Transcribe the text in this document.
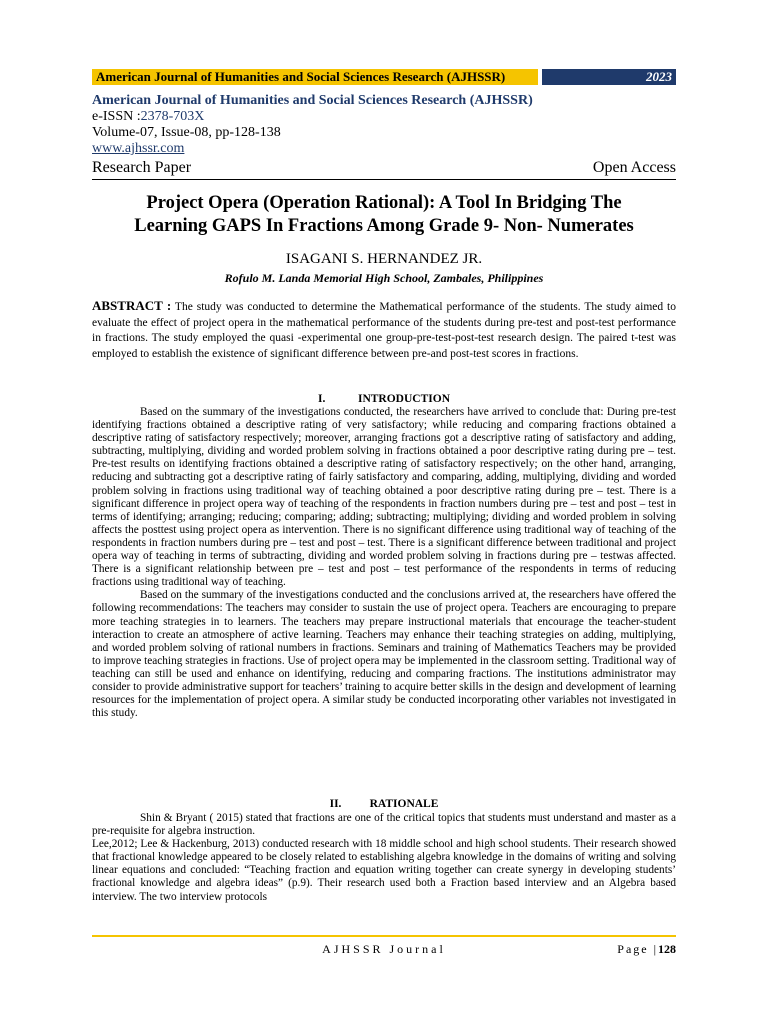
American Journal of Humanities and Social Sciences Research (AJHSSR)	2023
American Journal of Humanities and Social Sciences Research (AJHSSR)
e-ISSN :2378-703X
Volume-07, Issue-08, pp-128-138
www.ajhssr.com
Research Paper	Open Access
Project Opera (Operation Rational): A Tool In Bridging The
Learning GAPS In Fractions Among Grade 9- Non- Numerates
ISAGANI S. HERNANDEZ JR.
Rofulo M. Landa Memorial High School, Zambales, Philippines
ABSTRACT : The study was conducted to determine the Mathematical performance of the students. The study aimed to evaluate the effect of project opera in the mathematical performance of the students during pre-test and post-test performance in fractions. The study employed the quasi -experimental one group-pre-test-post-test research design. The paired t-test was employed to establish the existence of significant difference between pre-and post-test scores in fractions.
I.	INTRODUCTION

Based on the summary of the investigations conducted, the researchers have arrived to conclude that: During pre-test identifying fractions obtained a descriptive rating of very satisfactory; while reducing and comparing fractions obtained a descriptive rating of satisfactory respectively; moreover, arranging fractions got a descriptive rating of satisfactory and adding, subtracting, multiplying, dividing and worded problem solving in fractions obtained a poor descriptive rating during pre – test. Pre-test results on identifying fractions obtained a descriptive rating of satisfactory respectively; on the other hand, arranging, reducing and subtracting got a descriptive rating of fairly satisfactory and comparing, adding, multiplying, dividing and worded problem solving in fractions using traditional way of teaching obtained a poor descriptive rating during pre – test. There is a significant difference in project opera way of teaching of the respondents in fraction numbers during pre – test and post – test in terms of identifying; arranging; reducing; comparing; adding; subtracting; multiplying; dividing and worded problem in solving affects the posttest using project opera as intervention. There is no significant difference using traditional way of teaching of the respondents in fraction numbers during pre – test and post – test. There is a significant difference between traditional and project opera way of teaching in terms of subtracting, dividing and worded problem solving in fractions during pre – testwas affected. There is a significant relationship between pre – test and post – test performance of the respondents in terms of reducing fractions using traditional way of teaching.

Based on the summary of the investigations conducted and the conclusions arrived at, the researchers have offered the following recommendations: The teachers may consider to sustain the use of project opera. Teachers are encouraging to prepare more teaching strategies in to learners. The teachers may prepare instructional materials that encourage the teacher-student interaction to create an atmosphere of active learning. Teachers may enhance their teaching strategies on adding, multiplying, and worded problem solving of rational numbers in fractions. Seminars and training of Mathematics Teachers may be provided to improve teaching strategies in fractions. Use of project opera may be implemented in the classroom setting. Traditional way of teaching can still be used and enhance on identifying, reducing and comparing fractions. The institutions administrator may consider to provide administrative support for teachers’ training to acquire better skills in the design and development of learning resources for the implementation of project opera. A similar study be conducted incorporating other variables not investigated in this study.

II. RATIONALE

Shin & Bryant ( 2015) stated that fractions are one of the critical topics that students must understand and master as a pre-requisite for algebra instruction.

Lee,2012; Lee & Hackenburg, 2013) conducted research with 18 middle school and high school students. Their research showed that fractional knowledge appeared to be closely related to establishing algebra knowledge in the domains of writing and solving linear equations and concluded: “Teaching fraction and equation writing together can create synergy in developing students’ fractional knowledge and algebra ideas” (p.9). Their research used both a Fraction based interview and an Algebra based interview. The two interview protocols

AJHSSR Journal	Page |128
